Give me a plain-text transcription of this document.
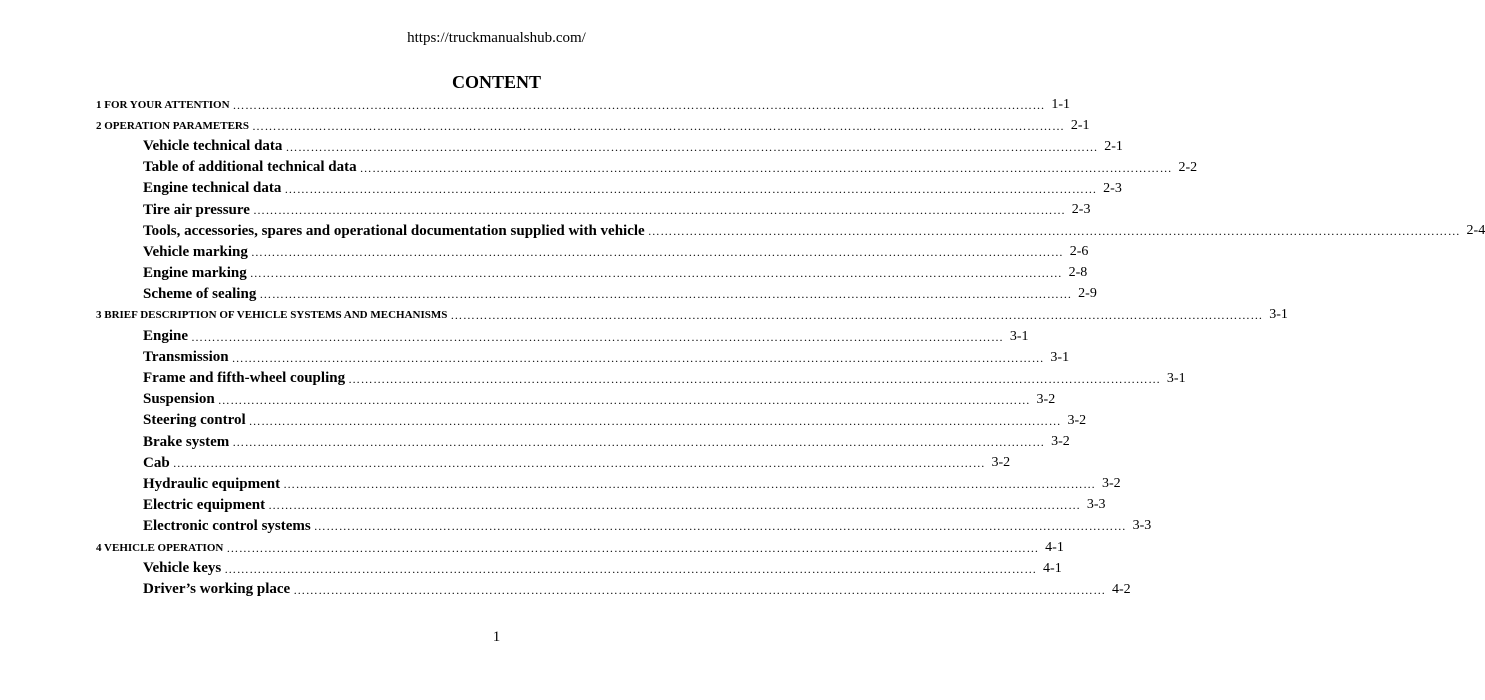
https://truckmanualshub.com/
CONTENT
1 FOR YOUR ATTENTION …………………………………………………………………………………………………………………………………………………………………………… 1-1
2 OPERATION PARAMETERS …………………………………………………………………………………………………………………………………………………………………………… 2-1
Vehicle technical data …………………………………………………………………………………………………………………………………………………………………………… 2-1
Table of additional technical data …………………………………………………………………………………………………………………………………………………………………………… 2-2
Engine technical data …………………………………………………………………………………………………………………………………………………………………………… 2-3
Tire air pressure …………………………………………………………………………………………………………………………………………………………………………… 2-3
Tools, accessories, spares and operational documentation supplied with vehicle …………………………………………………………………………………………………………………………………………………………………………… 2-4
Vehicle marking …………………………………………………………………………………………………………………………………………………………………………… 2-6
Engine marking …………………………………………………………………………………………………………………………………………………………………………… 2-8
Scheme of sealing …………………………………………………………………………………………………………………………………………………………………………… 2-9
3 BRIEF DESCRIPTION OF VEHICLE SYSTEMS AND MECHANISMS …………………………………………………………………………………………………………………………………………………………………………… 3-1
Engine …………………………………………………………………………………………………………………………………………………………………………… 3-1
Transmission …………………………………………………………………………………………………………………………………………………………………………… 3-1
Frame and fifth-wheel coupling …………………………………………………………………………………………………………………………………………………………………………… 3-1
Suspension …………………………………………………………………………………………………………………………………………………………………………… 3-2
Steering control …………………………………………………………………………………………………………………………………………………………………………… 3-2
Brake system …………………………………………………………………………………………………………………………………………………………………………… 3-2
Cab …………………………………………………………………………………………………………………………………………………………………………… 3-2
Hydraulic equipment …………………………………………………………………………………………………………………………………………………………………………… 3-2
Electric equipment …………………………………………………………………………………………………………………………………………………………………………… 3-3
Electronic control systems …………………………………………………………………………………………………………………………………………………………………………… 3-3
4 VEHICLE OPERATION …………………………………………………………………………………………………………………………………………………………………………… 4-1
Vehicle keys …………………………………………………………………………………………………………………………………………………………………………… 4-1
Driver’s working place …………………………………………………………………………………………………………………………………………………………………………… 4-2
1
